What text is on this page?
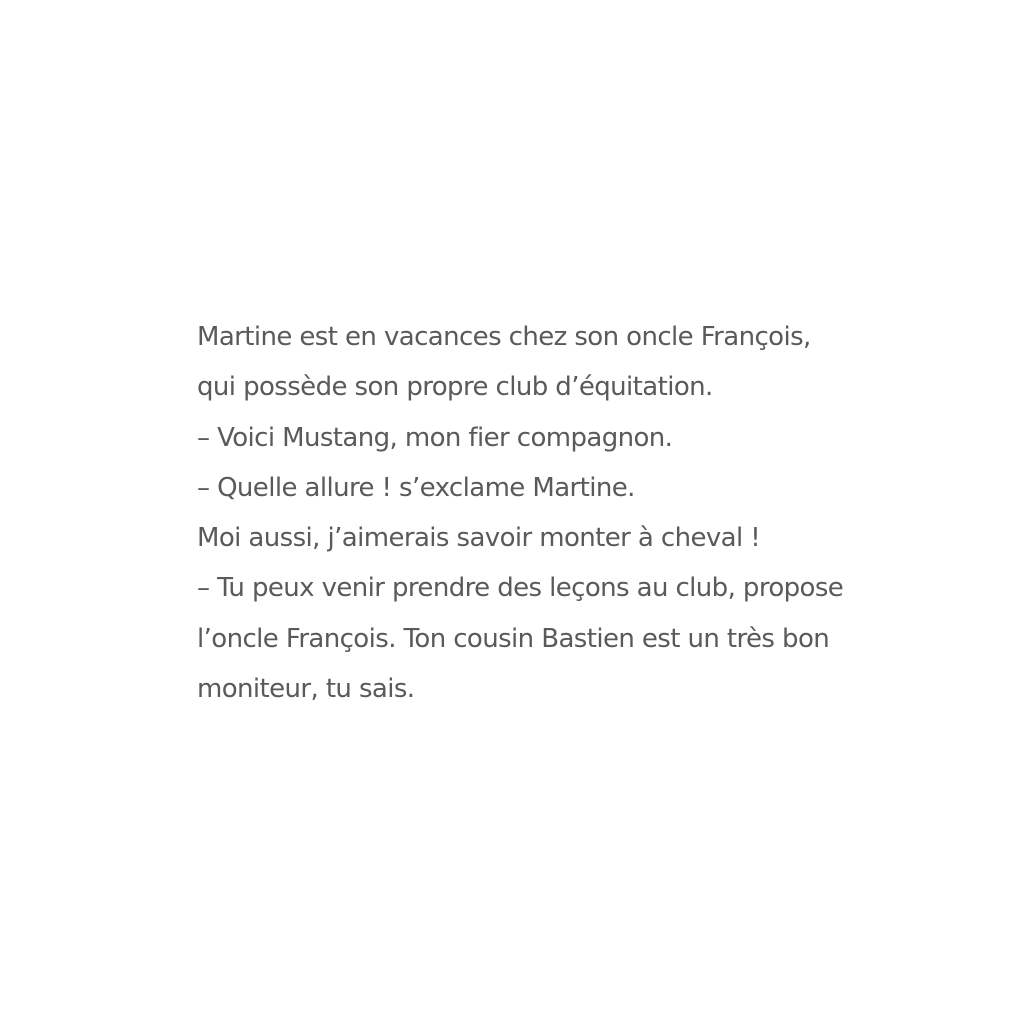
Martine est en vacances chez son oncle François,
qui possède son propre club d’équitation.
– Voici Mustang, mon fier compagnon.
– Quelle allure ! s’exclame Martine.
Moi aussi, j’aimerais savoir monter à cheval !
– Tu peux venir prendre des leçons au club, propose
l’oncle François. Ton cousin Bastien est un très bon
moniteur, tu sais.
